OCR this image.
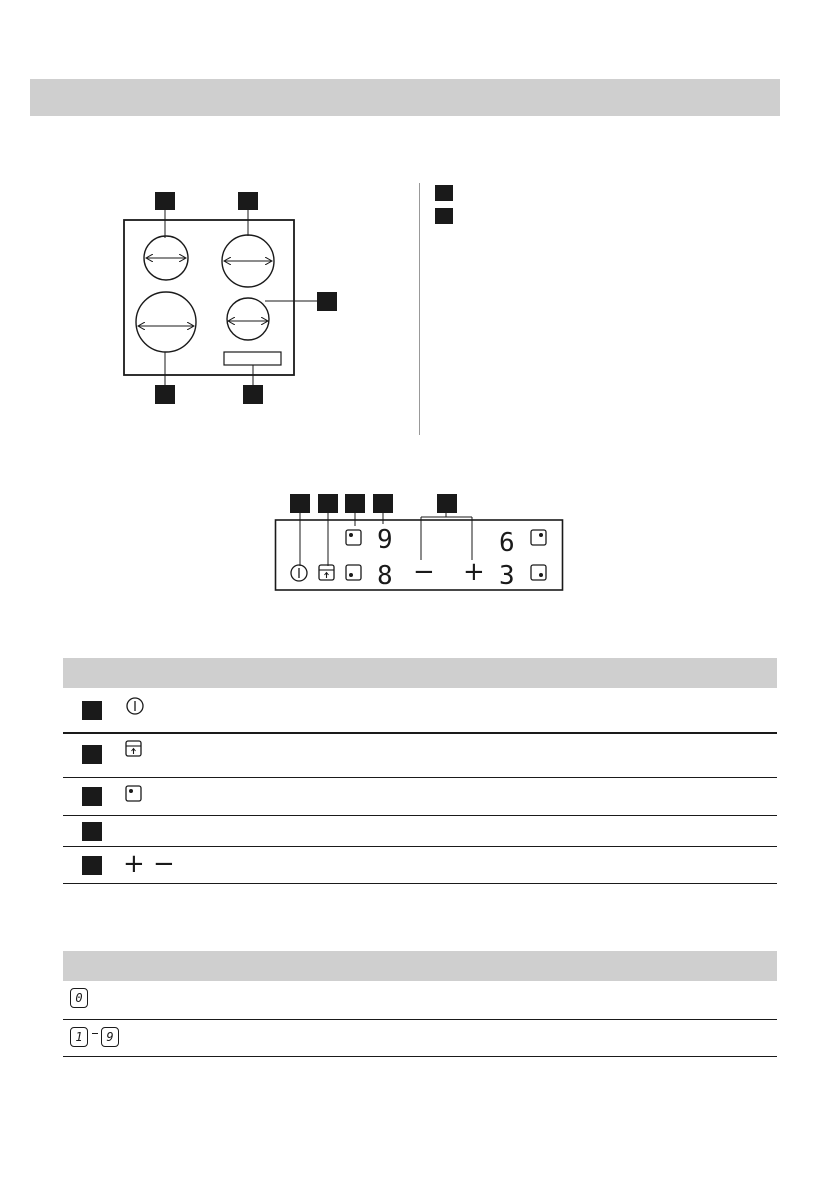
9
8
6
3
− +
+ −
0
1	9
